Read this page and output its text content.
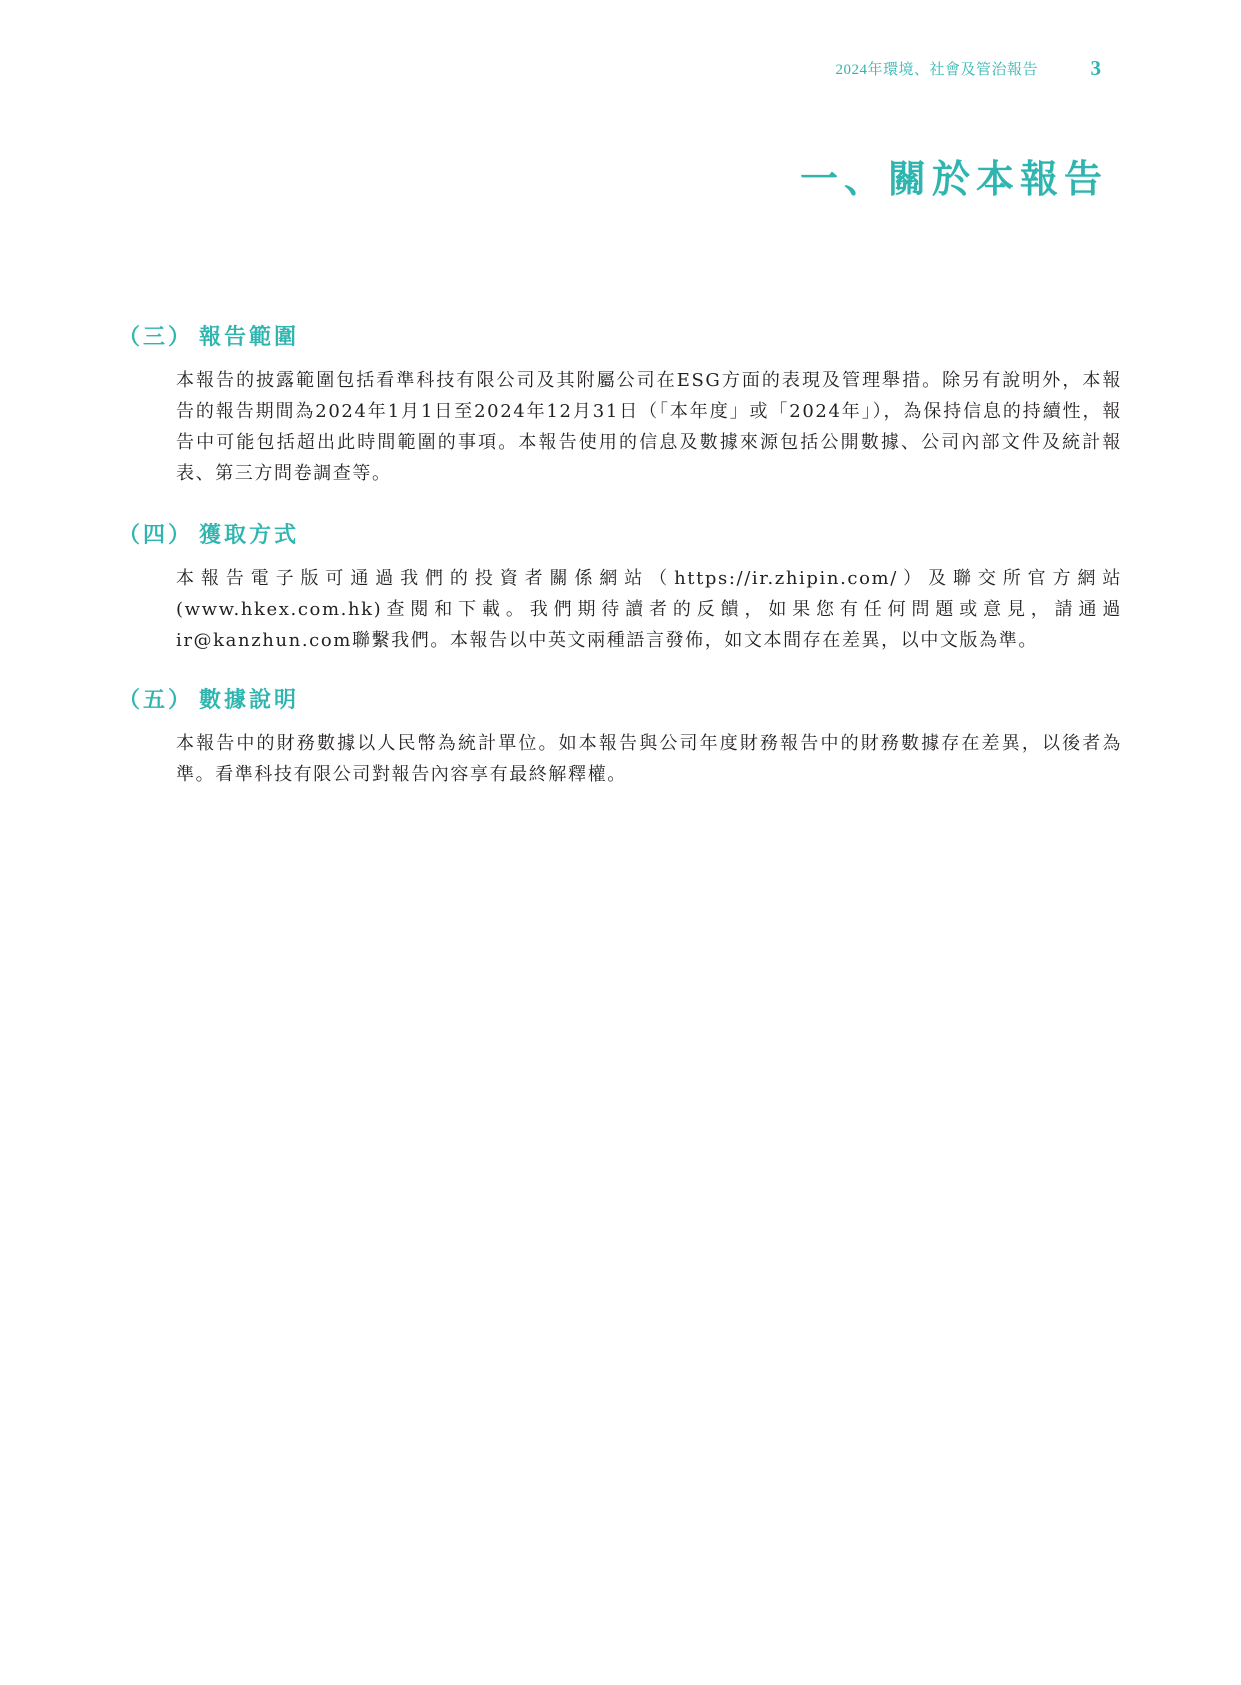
2024年環境、社會及管治報告	3
一、關於本報告
（三） 報告範圍

本報告的披露範圍包括看準科技有限公司及其附屬公司在ESG方面的表現及管理舉措。除另有說明外，本報告的報告期間為2024年1月1日至2024年12月31日（「本年度」或「2024年」），為保持信息的持續性，報告中可能包括超出此時間範圍的事項。本報告使用的信息及數據來源包括公開數據、公司內部文件及統計報表、第三方問卷調查等。

（四） 獲取方式

本報告電子版可通過我們的投資者關係網站（https://ir.zhipin.com/）及聯交所官方網站(www.hkex.com.hk)查閱和下載。我們期待讀者的反饋，如果您有任何問題或意見，請通過ir@kanzhun.com聯繫我們。本報告以中英文兩種語言發佈，如文本間存在差異，以中文版為準。

（五） 數據說明

本報告中的財務數據以人民幣為統計單位。如本報告與公司年度財務報告中的財務數據存在差異，以後者為準。看準科技有限公司對報告內容享有最終解釋權。
